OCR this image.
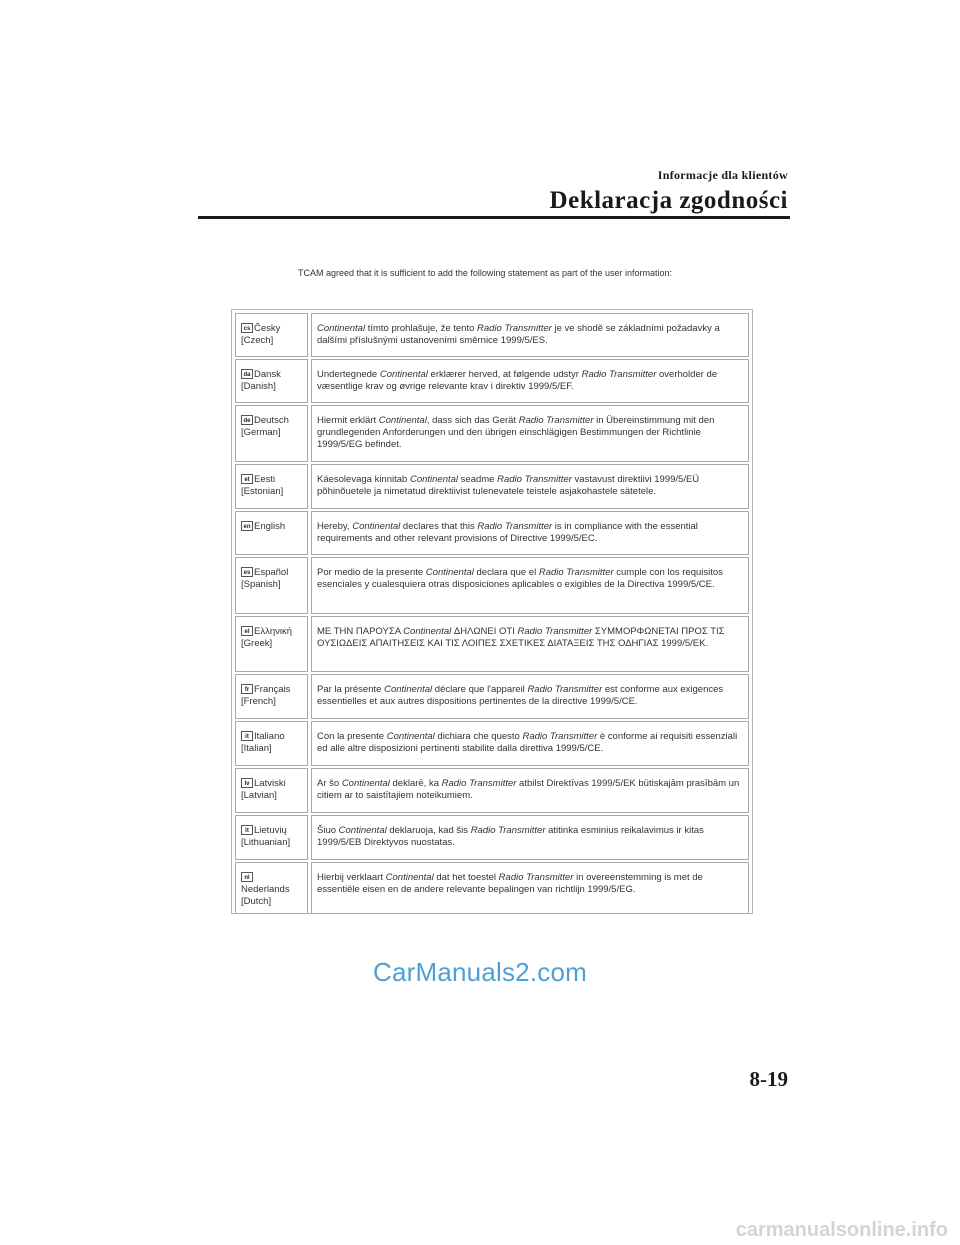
Informacje dla klientów
Deklaracja zgodności
TCAM agreed that it is sufficient to add the following statement as part of the user information:
cs Česky
[Czech]
Continental tímto prohlašuje, že tento Radio Transmitter je ve shodě se základními požadavky a dalšími příslušnými ustanoveními směrnice 1999/5/ES.
da Dansk
[Danish]
Undertegnede Continental erklærer herved, at følgende udstyr Radio Transmitter overholder de væsentlige krav og øvrige relevante krav i direktiv 1999/5/EF.
de Deutsch
[German]
Hiermit erklärt Continental, dass sich das Gerät Radio Transmitter in Übereinstimmung mit den grundlegenden Anforderungen und den übrigen einschlägigen Bestimmungen der Richtlinie 1999/5/EG befindet.
et Eesti
[Estonian]
Käesolevaga kinnitab Continental seadme Radio Transmitter vastavust direktiivi 1999/5/EÜ põhinõuetele ja nimetatud direktiivist tulenevatele teistele asjakohastele sätetele.
en English	Hereby, Continental declares that this Radio Transmitter is in compliance with the essential requirements and other relevant provisions of Directive 1999/5/EC.
es Español
[Spanish]
Por medio de la presente Continental declara que el Radio Transmitter cumple con los requisitos esenciales y cualesquiera otras disposiciones aplicables o exigibles de la Directiva 1999/5/CE.
el Ελληνική
[Greek]
ΜΕ ΤΗΝ ΠΑΡΟΥΣΑ Continental ΔΗΛΩΝΕΙ ΟΤΙ Radio Transmitter ΣΥΜΜΟΡΦΩΝΕΤΑΙ ΠΡΟΣ ΤΙΣ ΟΥΣΙΩΔΕΙΣ ΑΠΑΙΤΗΣΕΙΣ ΚΑΙ ΤΙΣ ΛΟΙΠΕΣ ΣΧΕΤΙΚΕΣ ΔΙΑΤΑΞΕΙΣ ΤΗΣ ΟΔΗΓΙΑΣ 1999/5/ΕΚ.
fr Français
[French]
Par la présente Continental déclare que l'appareil Radio Transmitter est conforme aux exigences essentielles et aux autres dispositions pertinentes de la directive 1999/5/CE.
it Italiano
[Italian]
Con la presente Continental dichiara che questo Radio Transmitter è conforme ai requisiti essenziali ed alle altre disposizioni pertinenti stabilite dalla direttiva 1999/5/CE.
lv Latviski
[Latvian]
Ar šo Continental deklarē, ka Radio Transmitter atbilst Direktīvas 1999/5/EK būtiskajām prasībām un citiem ar to saistītajiem noteikumiem.
lt Lietuvių
[Lithuanian]
Šiuo Continental deklaruoja, kad šis Radio Transmitter atitinka esminius reikalavimus ir kitas 1999/5/EB Direktyvos nuostatas.
nl
Nederlands
[Dutch]
Hierbij verklaart Continental dat het toestel Radio Transmitter in overeenstemming is met de essentiële eisen en de andere relevante bepalingen van richtlijn 1999/5/EG.
CarManuals2.com
8-19
carmanualsonline.info
